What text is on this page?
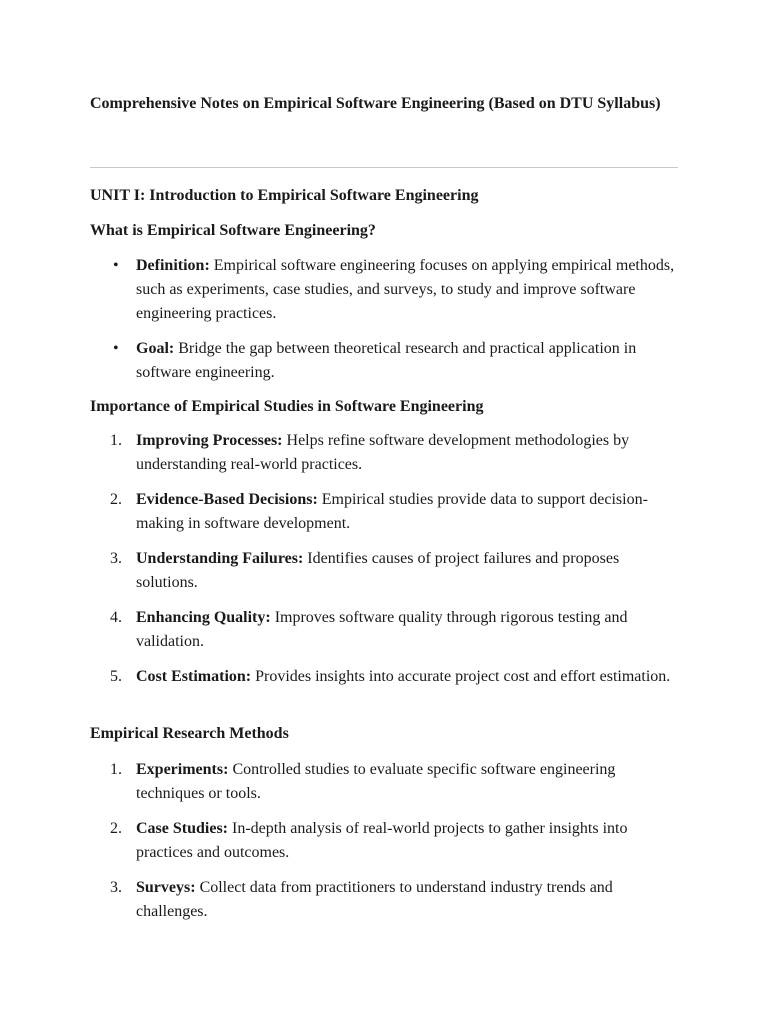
Comprehensive Notes on Empirical Software Engineering (Based on DTU Syllabus)
UNIT I: Introduction to Empirical Software Engineering
What is Empirical Software Engineering?
•	Definition: Empirical software engineering focuses on applying empirical methods, such as experiments, case studies, and surveys, to study and improve software engineering practices.
•	Goal: Bridge the gap between theoretical research and practical application in software engineering.
Importance of Empirical Studies in Software Engineering
1. Improving Processes: Helps refine software development methodologies by understanding real-world practices.
2. Evidence-Based Decisions: Empirical studies provide data to support decision-making in software development.
3. Understanding Failures: Identifies causes of project failures and proposes solutions.
4. Enhancing Quality: Improves software quality through rigorous testing and validation.
5. Cost Estimation: Provides insights into accurate project cost and effort estimation.
Empirical Research Methods
1. Experiments: Controlled studies to evaluate specific software engineering techniques or tools.
2. Case Studies: In-depth analysis of real-world projects to gather insights into practices and outcomes.
3. Surveys: Collect data from practitioners to understand industry trends and challenges.
